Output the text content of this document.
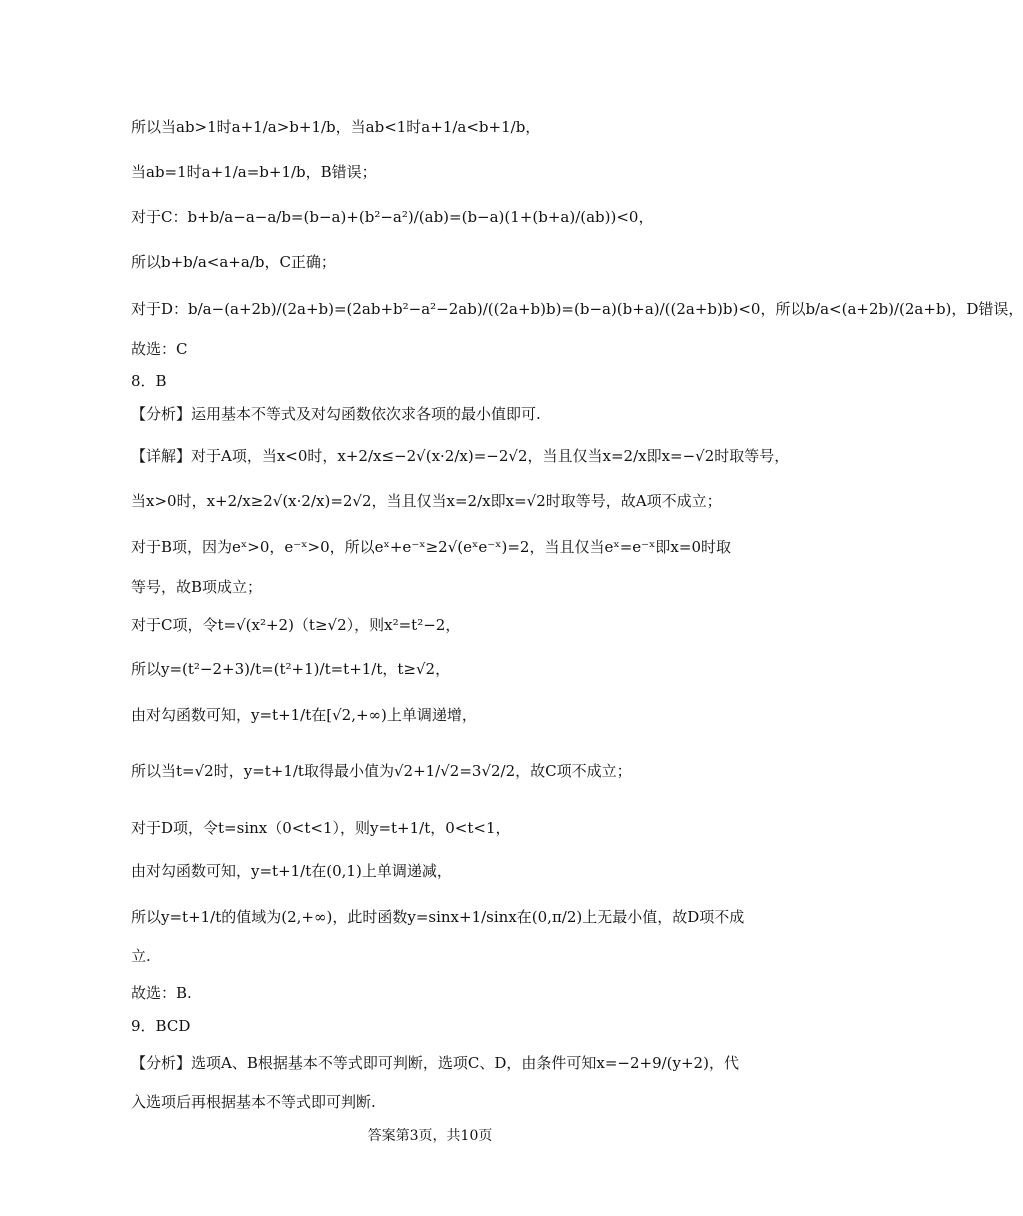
所以当ab>1时a+1/a>b+1/b，当ab<1时a+1/a<b+1/b，
当ab=1时a+1/a=b+1/b，B错误；
对于C：b+b/a−a−a/b=(b−a)+(b²−a²)/(ab)=(b−a)(1+(b+a)/(ab))<0，
所以b+b/a<a+a/b，C正确；
对于D：b/a−(a+2b)/(2a+b)=(2ab+b²−a²−2ab)/((2a+b)b)=(b−a)(b+a)/((2a+b)b)<0，所以b/a<(a+2b)/(2a+b)，D错误，
故选：C
8．B
【分析】运用基本不等式及对勾函数依次求各项的最小值即可.
【详解】对于A项，当x<0时，x+2/x≤−2√(x·2/x)=−2√2，当且仅当x=2/x即x=−√2时取等号，
当x>0时，x+2/x≥2√(x·2/x)=2√2，当且仅当x=2/x即x=√2时取等号，故A项不成立；
对于B项，因为eˣ>0，e⁻ˣ>0，所以eˣ+e⁻ˣ≥2√(eˣe⁻ˣ)=2，当且仅当eˣ=e⁻ˣ即x=0时取
等号，故B项成立；
对于C项，令t=√(x²+2)（t≥√2），则x²=t²−2，
所以y=(t²−2+3)/t=(t²+1)/t=t+1/t，t≥√2，
由对勾函数可知，y=t+1/t在[√2,+∞)上单调递增，
所以当t=√2时，y=t+1/t取得最小值为√2+1/√2=3√2/2，故C项不成立；
对于D项，令t=sinx（0<t<1），则y=t+1/t，0<t<1，
由对勾函数可知，y=t+1/t在(0,1)上单调递减，
所以y=t+1/t的值域为(2,+∞)，此时函数y=sinx+1/sinx在(0,π/2)上无最小值，故D项不成
立.
故选：B.
9．BCD
【分析】选项A、B根据基本不等式即可判断，选项C、D，由条件可知x=−2+9/(y+2)，代
入选项后再根据基本不等式即可判断.
答案第3页，共10页
